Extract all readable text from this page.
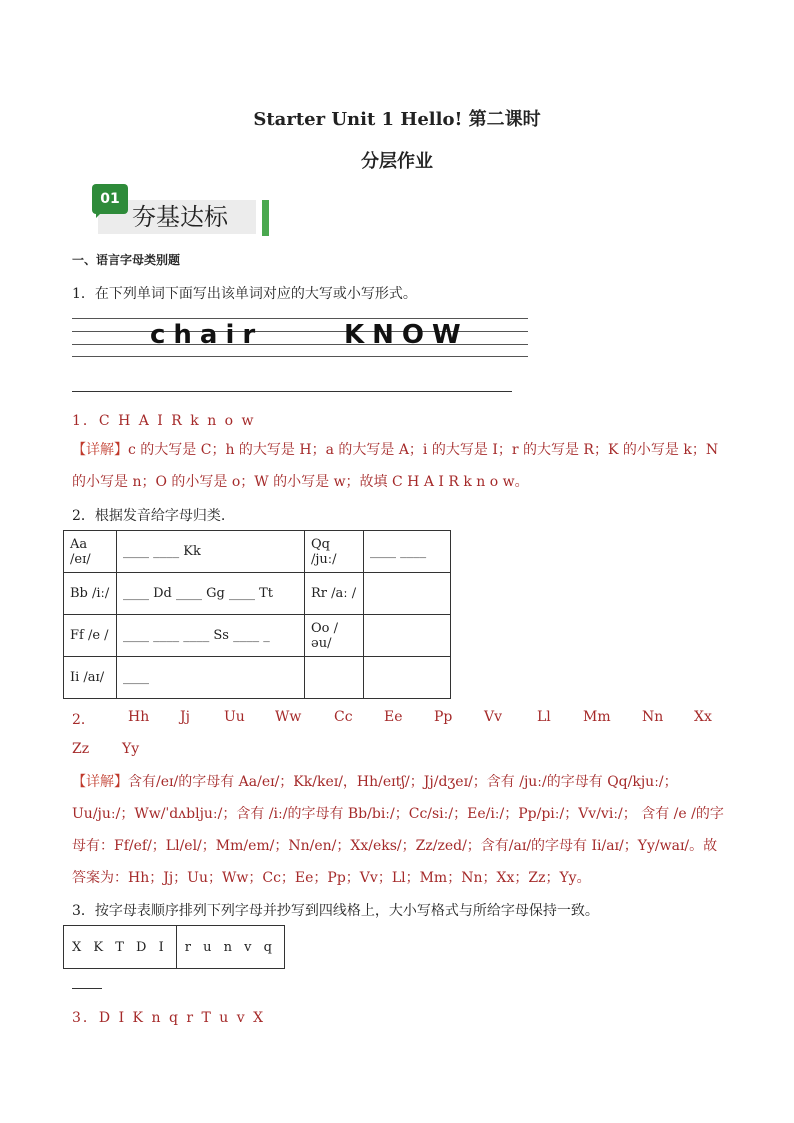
Starter Unit 1 Hello! 第二课时
分层作业
01
夯基达标
一、语言字母类别题
1．在下列单词下面写出该单词对应的大写或小写形式。
chair	KNOW
1．C H A I R k n o w
【详解】c 的大写是 C；h 的大写是 H；a 的大写是 A；i 的大写是 I；r 的大写是 R；K 的小写是 k；N 的小写是 n；O 的小写是 o；W 的小写是 w；故填 C H A I R k n o w。
2．根据发音给字母归类.
Aa /eɪ/	____ ____ Kk	Qq /juː/	____ ____
Bb /iː/	____ Dd ____ Gg ____ Tt	Rr /aː /	
Ff /e /	____ ____ ____ Ss ____ _	Oo /əu/	
Ii /aɪ/	____		
2． Hh Jj Uu Ww Cc Ee Pp Vv Ll Mm Nn Xx
Zz Yy
【详解】含有/eɪ/的字母有 Aa/eɪ/；Kk/keɪ/，Hh/eɪtʃ/；Jj/dʒeɪ/；含有 /juː/的字母有 Qq/kjuː/；Uu/juː/；Ww/ˈdʌbljuː/；含有 /iː/的字母有 Bb/biː/；Cc/siː/；Ee/iː/；Pp/piː/；Vv/viː/； 含有 /e /的字母有：Ff/ef/；Ll/el/；Mm/em/；Nn/en/；Xx/eks/；Zz/zed/；含有/aɪ/的字母有 Ii/aɪ/；Yy/waɪ/。故答案为：Hh；Jj；Uu；Ww；Cc；Ee；Pp；Vv；Ll；Mm；Nn；Xx；Zz；Yy。
3．按字母表顺序排列下列字母并抄写到四线格上，大小写格式与所给字母保持一致。
X K T D I	r u n v q
3．D I K n q r T u v X
